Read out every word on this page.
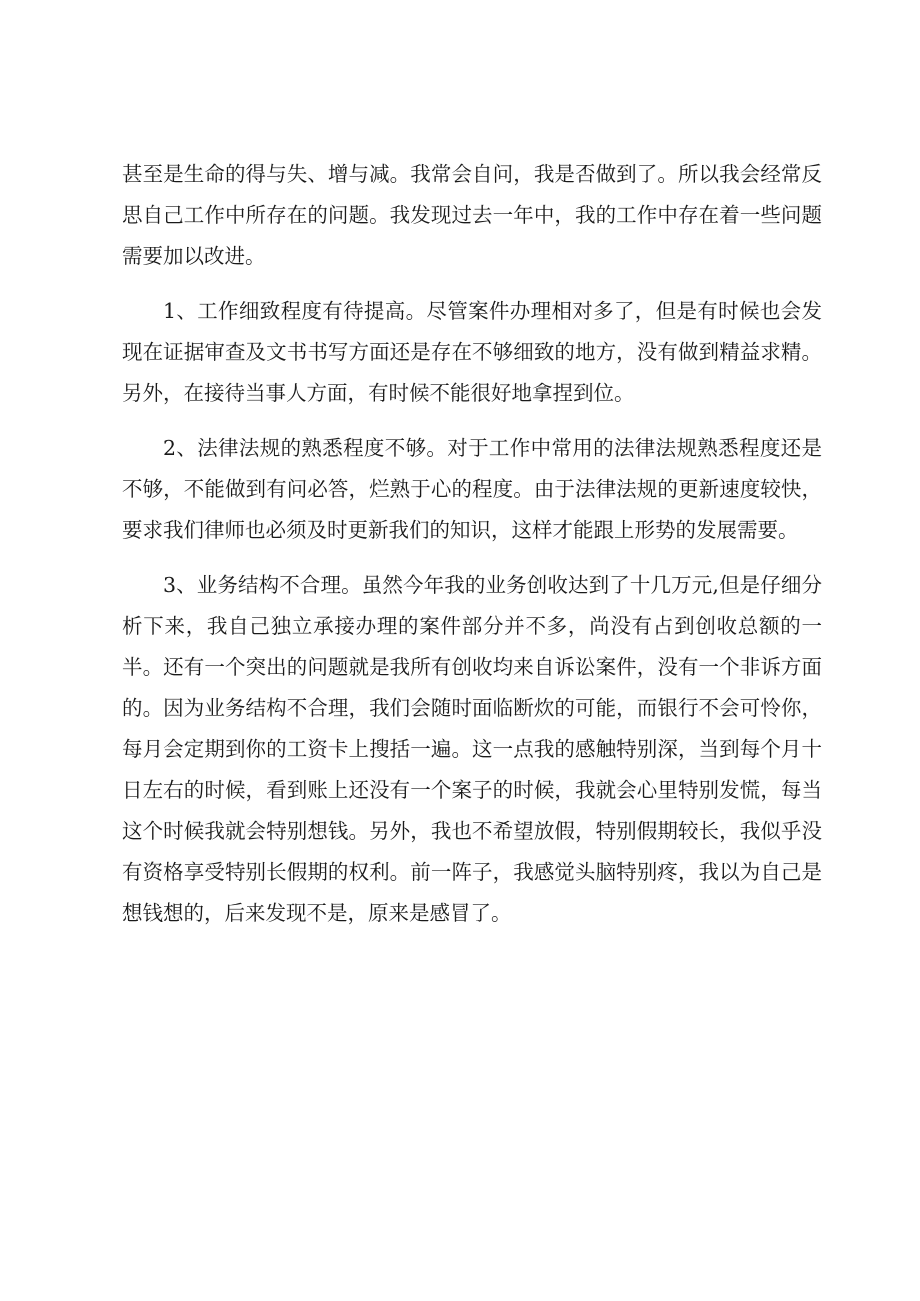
甚至是生命的得与失、增与减。我常会自问，我是否做到了。所以我会经常反思自己工作中所存在的问题。我发现过去一年中，我的工作中存在着一些问题需要加以改进。

1、工作细致程度有待提高。尽管案件办理相对多了，但是有时候也会发现在证据审查及文书书写方面还是存在不够细致的地方，没有做到精益求精。另外，在接待当事人方面，有时候不能很好地拿捏到位。

2、法律法规的熟悉程度不够。对于工作中常用的法律法规熟悉程度还是不够，不能做到有问必答，烂熟于心的程度。由于法律法规的更新速度较快，要求我们律师也必须及时更新我们的知识，这样才能跟上形势的发展需要。

3、业务结构不合理。虽然今年我的业务创收达到了十几万元,但是仔细分析下来，我自己独立承接办理的案件部分并不多，尚没有占到创收总额的一半。还有一个突出的问题就是我所有创收均来自诉讼案件，没有一个非诉方面的。因为业务结构不合理，我们会随时面临断炊的可能，而银行不会可怜你，每月会定期到你的工资卡上搜括一遍。这一点我的感触特别深，当到每个月十日左右的时候，看到账上还没有一个案子的时候，我就会心里特别发慌，每当这个时候我就会特别想钱。另外，我也不希望放假，特别假期较长，我似乎没有资格享受特别长假期的权利。前一阵子，我感觉头脑特别疼，我以为自己是想钱想的，后来发现不是，原来是感冒了。
